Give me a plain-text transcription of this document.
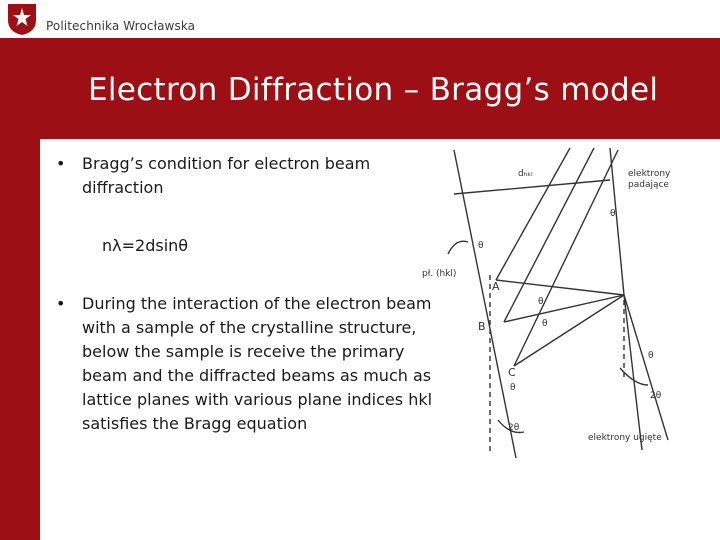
Politechnika Wrocławska
Electron Diffraction – Bragg’s model
• Bragg’s condition for electron beam diffraction
nλ=2dsinθ
• During the interaction of the electron beam with a sample of the crystalline structure, below the sample is receive the primary beam and the diffracted beams as much as lattice planes with various plane indices hkl satisfies the Bragg equation
dₕₖₗ	elektrony
padające
pł. (hkl)
A
B
C
θ
θ
θ
θ
θ
θ
2θ
2θ
elektrony ugięte
